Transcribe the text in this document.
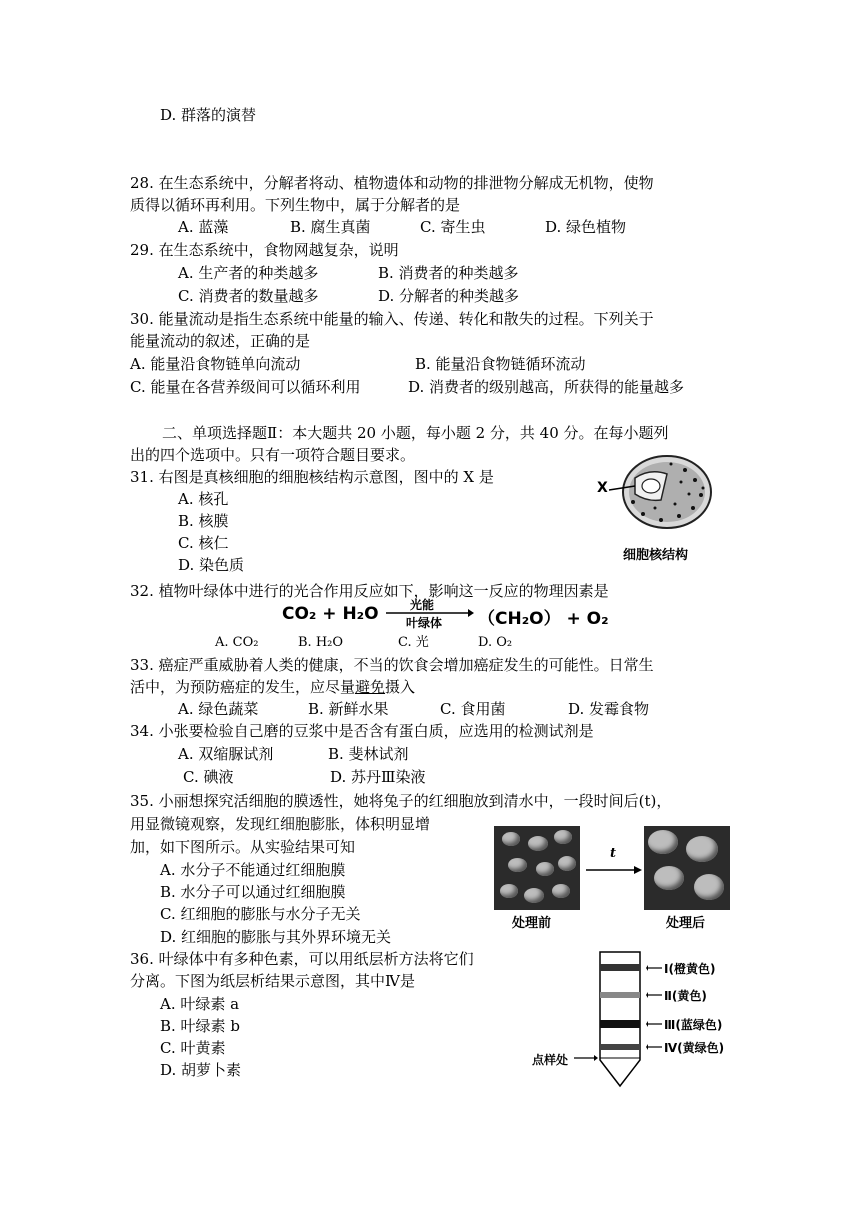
D. 群落的演替
28. 在生态系统中，分解者将动、植物遗体和动物的排泄物分解成无机物，使物
质得以循环再利用。下列生物中，属于分解者的是
A. 蓝藻	B. 腐生真菌	C. 寄生虫	D. 绿色植物
29. 在生态系统中，食物网越复杂，说明
A. 生产者的种类越多	B. 消费者的种类越多
C. 消费者的数量越多	D. 分解者的种类越多
30. 能量流动是指生态系统中能量的输入、传递、转化和散失的过程。下列关于
能量流动的叙述，正确的是
A. 能量沿食物链单向流动	B. 能量沿食物链循环流动
C. 能量在各营养级间可以循环利用	D. 消费者的级别越高，所获得的能量越多
二、单项选择题Ⅱ：本大题共 20 小题，每小题 2 分，共 40 分。在每小题列
出的四个选项中。只有一项符合题目要求。
31. 右图是真核细胞的细胞核结构示意图，图中的 X 是
A. 核孔
B. 核膜
C. 核仁
D. 染色质
X
细胞核结构
32. 植物叶绿体中进行的光合作用反应如下，影响这一反应的物理因素是
CO₂ + H₂O	光能
叶绿体 （CH₂O） + O₂
A. CO₂	B. H₂O	C. 光	D. O₂
33. 癌症严重威胁着人类的健康，不当的饮食会增加癌症发生的可能性。日常生
活中，为预防癌症的发生，应尽量避免摄入
A. 绿色蔬菜	B. 新鲜水果	C. 食用菌	D. 发霉食物
34. 小张要检验自己磨的豆浆中是否含有蛋白质，应选用的检测试剂是
A. 双缩脲试剂	B. 斐林试剂
C. 碘液	D. 苏丹Ⅲ染液
35. 小丽想探究活细胞的膜透性，她将兔子的红细胞放到清水中，一段时间后(t)，
用显微镜观察，发现红细胞膨胀，体积明显增
加，如下图所示。从实验结果可知
A. 水分子不能通过红细胞膜
B. 水分子可以通过红细胞膜
C. 红细胞的膨胀与水分子无关
D. 红细胞的膨胀与其外界环境无关
t
处理前	处理后
36. 叶绿体中有多种色素，可以用纸层析方法将它们
分离。下图为纸层析结果示意图，其中Ⅳ是
A. 叶绿素 a
B. 叶绿素 b
C. 叶黄素
D. 胡萝卜素
Ⅰ(橙黄色)
Ⅱ(黄色)
Ⅲ(蓝绿色)
Ⅳ(黄绿色)
点样处
